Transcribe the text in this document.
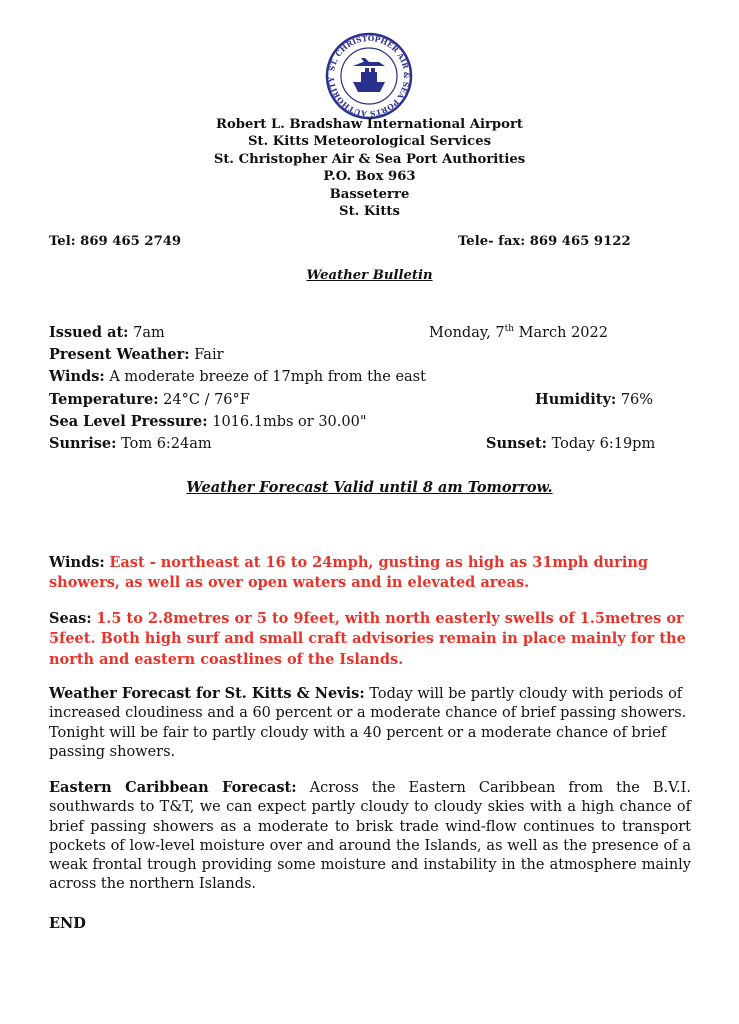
ST. CHRISTOPHER AIR & SEA PORTS AUTHORITY
Robert L. Bradshaw International Airport
St. Kitts Meteorological Services
St. Christopher Air & Sea Port Authorities
P.O. Box 963
Basseterre
St. Kitts
Tel: 869 465 2749	Tele- fax: 869 465 9122
Weather Bulletin
Issued at: 7am	Monday, 7th March 2022
Present Weather: Fair
Winds: A moderate breeze of 17mph from the east
Temperature: 24°C / 76°F	Humidity: 76%
Sea Level Pressure: 1016.1mbs or 30.00"
Sunrise: Tom 6:24am	Sunset: Today 6:19pm
Weather Forecast Valid until 8 am Tomorrow.
Winds: East - northeast at 16 to 24mph, gusting as high as 31mph during showers, as well as over open waters and in elevated areas.
Seas: 1.5 to 2.8metres or 5 to 9feet, with north easterly swells of 1.5metres or 5feet. Both high surf and small craft advisories remain in place mainly for the north and eastern coastlines of the Islands.
Weather Forecast for St. Kitts & Nevis: Today will be partly cloudy with periods of increased cloudiness and a 60 percent or a moderate chance of brief passing showers. Tonight will be fair to partly cloudy with a 40 percent or a moderate chance of brief passing showers.
Eastern Caribbean Forecast: Across the Eastern Caribbean from the B.V.I. southwards to T&T, we can expect partly cloudy to cloudy skies with a high chance of brief passing showers as a moderate to brisk trade wind-flow continues to transport pockets of low-level moisture over and around the Islands, as well as the presence of a weak frontal trough providing some moisture and instability in the atmosphere mainly across the northern Islands.
END
